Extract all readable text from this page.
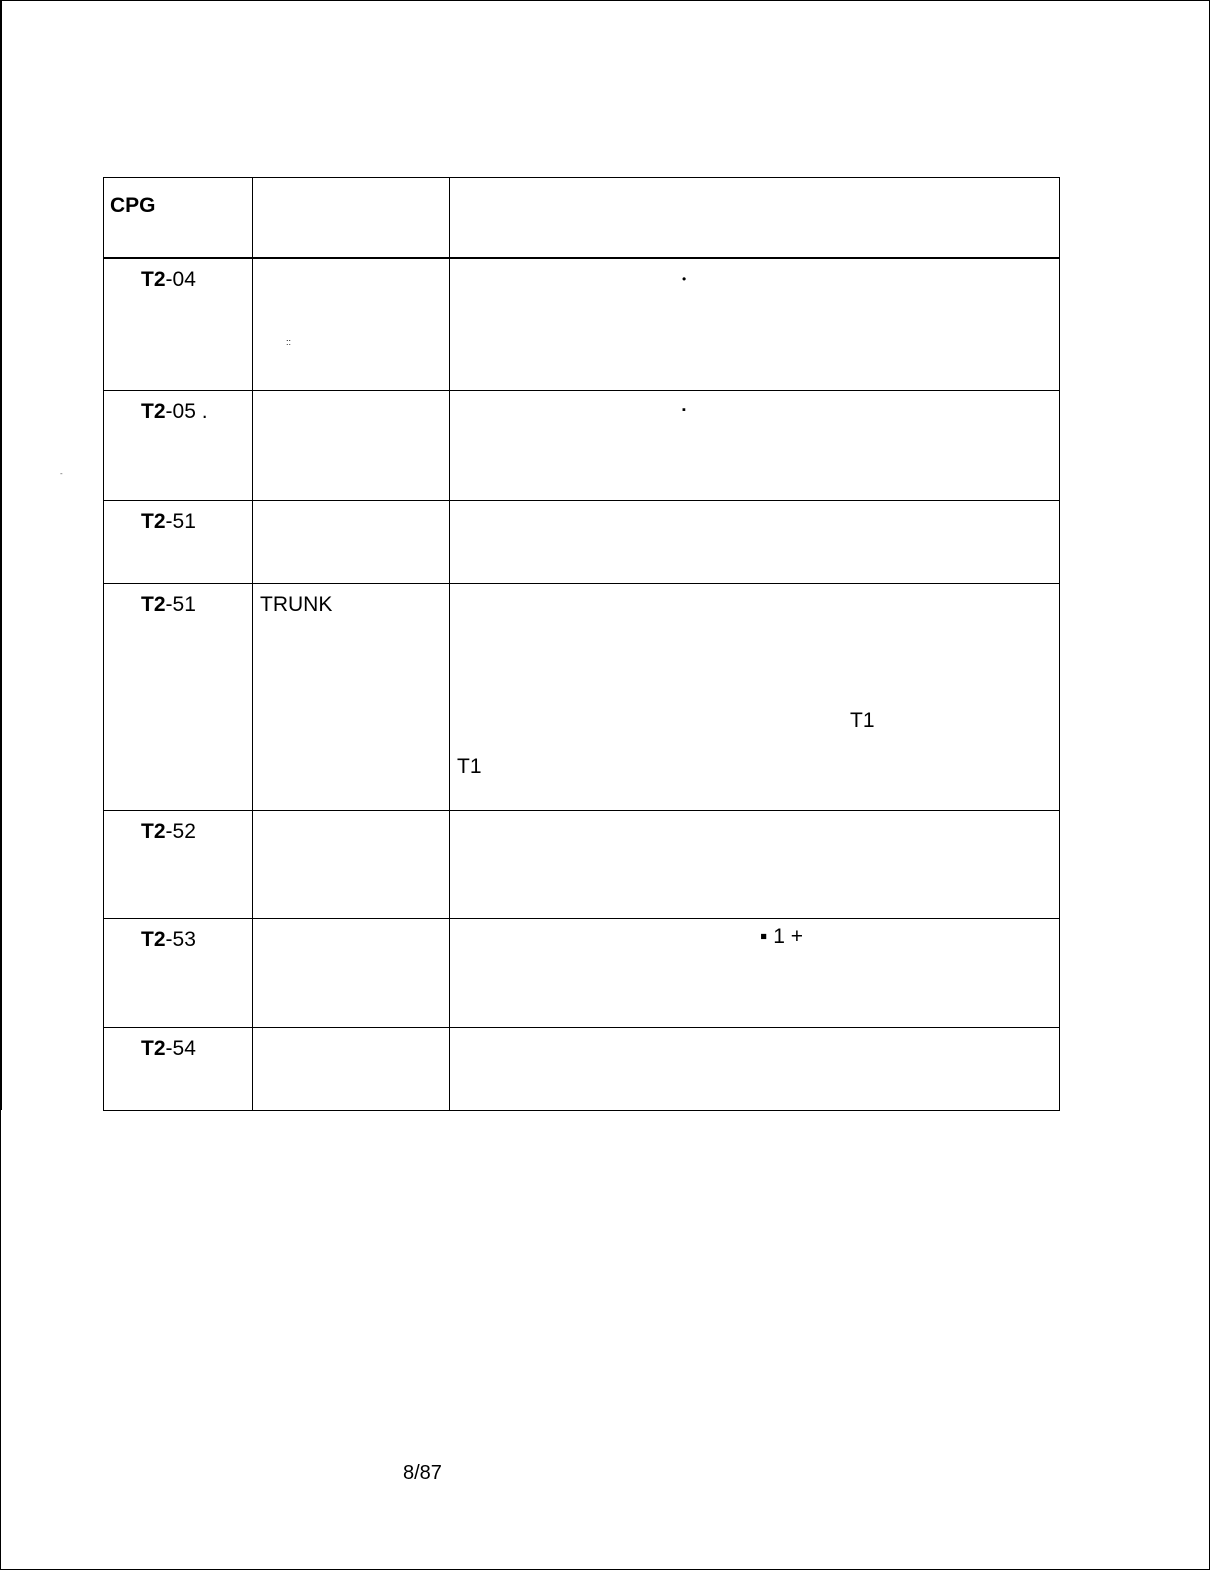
-
CPG		

T2-04	::	•

T2-05 .		▪

T2-51		

T2-51	TRUNK	T1
T1

T2-52		

T2-53		▪ 1 +

T2-54		

8/87
